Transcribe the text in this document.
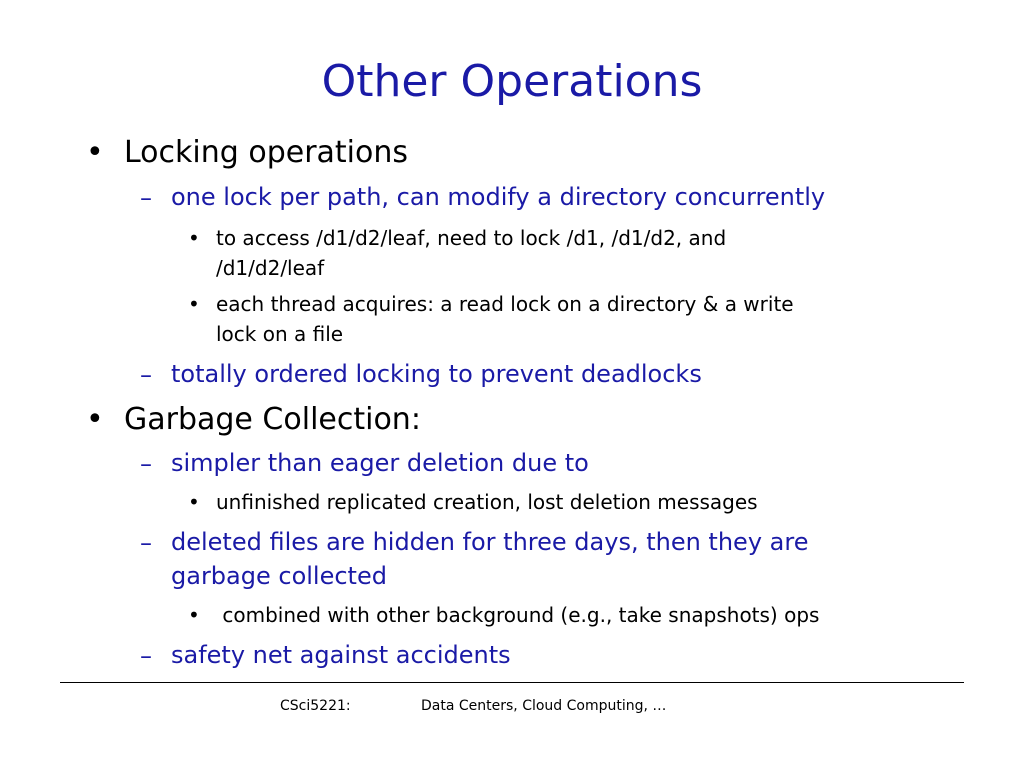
Other Operations
• Locking operations
– one lock per path, can modify a directory concurrently
• to access /d1/d2/leaf, need to lock /d1, /d1/d2, and
/d1/d2/leaf
• each thread acquires: a read lock on a directory & a write
lock on a file
– totally ordered locking to prevent deadlocks
• Garbage Collection:
– simpler than eager deletion due to
• unfinished replicated creation, lost deletion messages
– deleted files are hidden for three days, then they are
garbage collected
• combined with other background (e.g., take snapshots) ops
– safety net against accidents
CSci5221:	Data Centers, Cloud Computing, …
